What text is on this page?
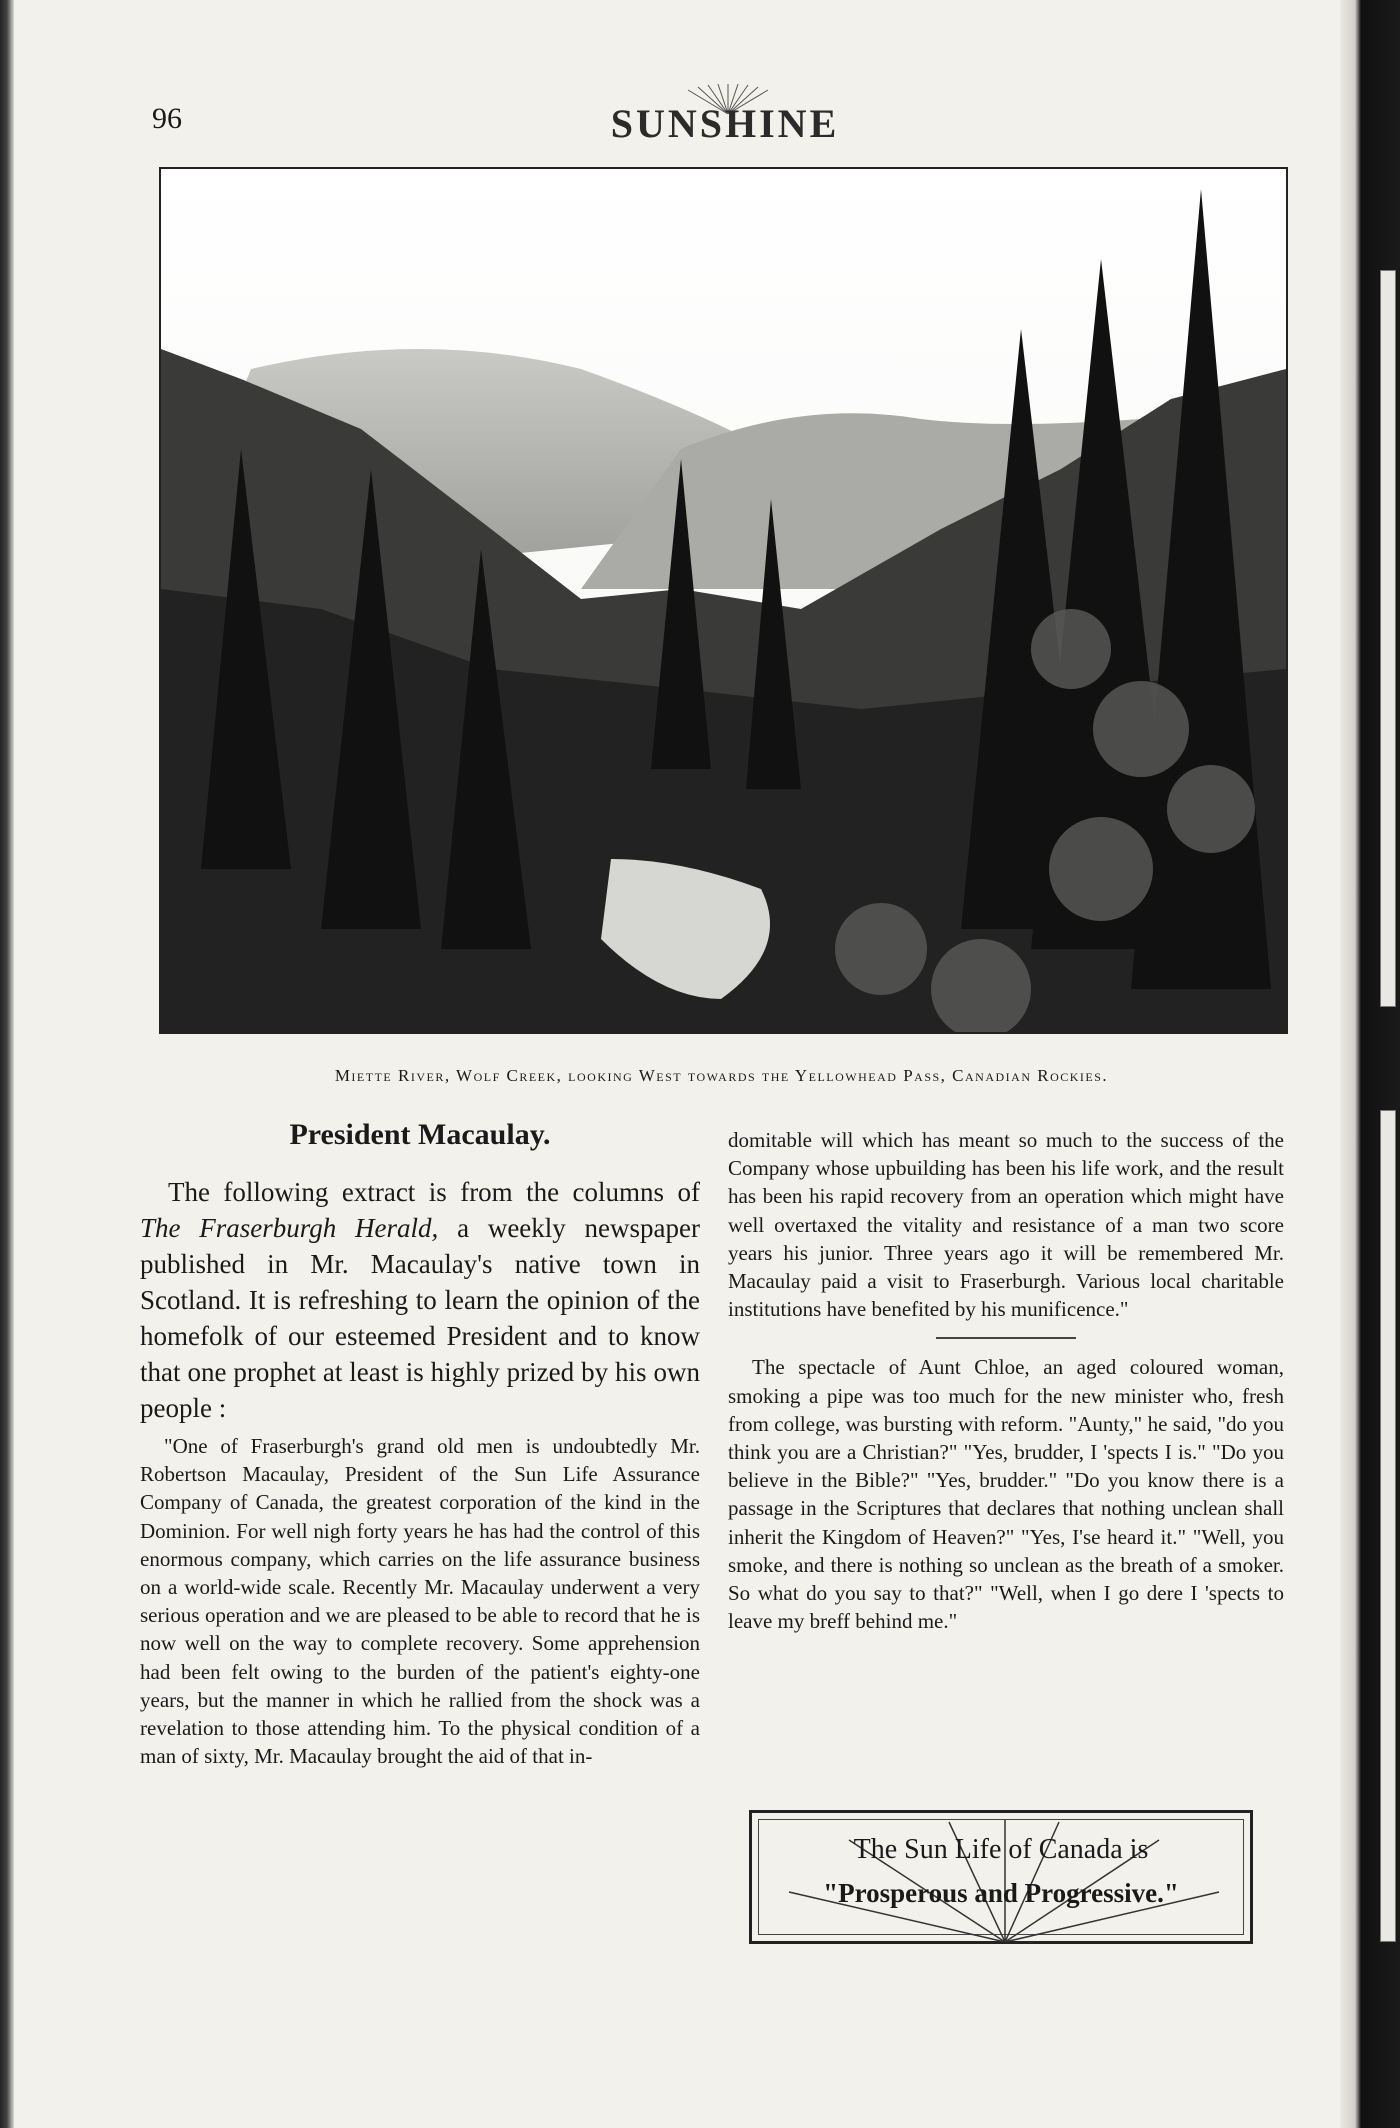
96	SUNSHINE
Miette River, Wolf Creek, looking West towards the Yellowhead Pass, Canadian Rockies.
President Macaulay.

The following extract is from the columns of The Fraserburgh Herald, a weekly newspaper published in Mr. Macaulay's native town in Scotland. It is refreshing to learn the opinion of the homefolk of our esteemed President and to know that one prophet at least is highly prized by his own people :

"One of Fraserburgh's grand old men is undoubtedly Mr. Robertson Macaulay, President of the Sun Life Assurance Company of Canada, the greatest corporation of the kind in the Dominion. For well nigh forty years he has had the control of this enormous company, which carries on the life assurance business on a world-wide scale. Recently Mr. Macaulay underwent a very serious operation and we are pleased to be able to record that he is now well on the way to complete recovery. Some apprehension had been felt owing to the burden of the patient's eighty-one years, but the manner in which he rallied from the shock was a revelation to those attending him. To the physical condition of a man of sixty, Mr. Macaulay brought the aid of that in-

domitable will which has meant so much to the success of the Company whose upbuilding has been his life work, and the result has been his rapid recovery from an operation which might have well overtaxed the vitality and resistance of a man two score years his junior. Three years ago it will be remembered Mr. Macaulay paid a visit to Fraserburgh. Various local charitable institutions have benefited by his munificence."

The spectacle of Aunt Chloe, an aged coloured woman, smoking a pipe was too much for the new minister who, fresh from college, was bursting with reform. "Aunty," he said, "do you think you are a Christian?" "Yes, brudder, I 'spects I is." "Do you believe in the Bible?" "Yes, brudder." "Do you know there is a passage in the Scriptures that declares that nothing unclean shall inherit the Kingdom of Heaven?" "Yes, I'se heard it." "Well, you smoke, and there is nothing so unclean as the breath of a smoker. So what do you say to that?" "Well, when I go dere I 'spects to leave my breff behind me."

The Sun Life of Canada is
"Prosperous and Progressive."
